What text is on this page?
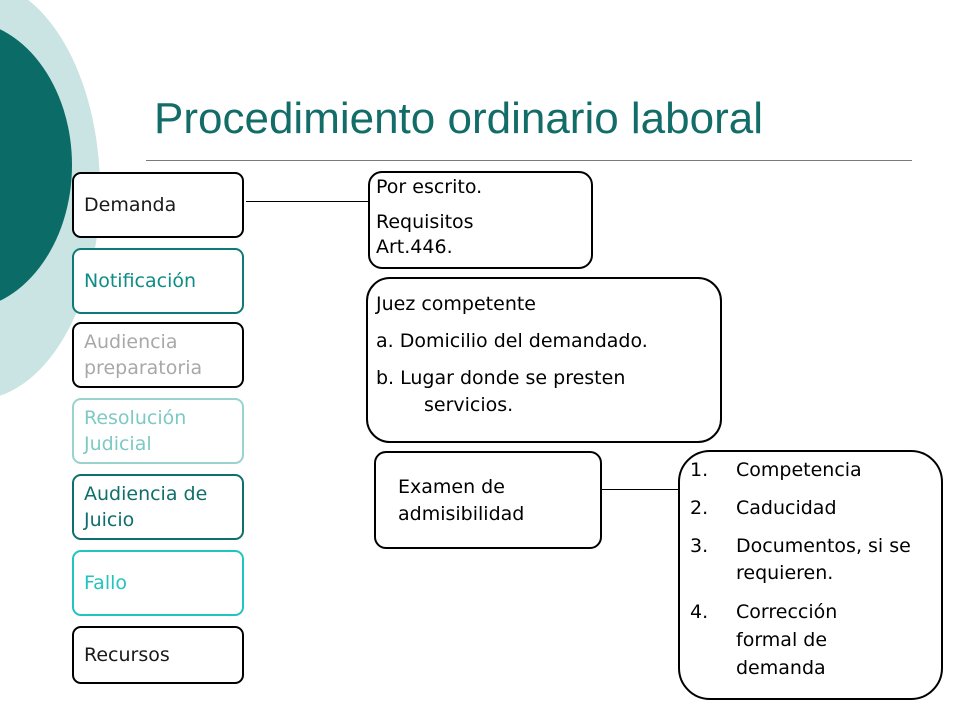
Procedimiento ordinario laboral
Demanda
Notificación
Audiencia preparatoria
Resolución Judicial
Audiencia de Juicio
Fallo
Recursos

Por escrito.

Requisitos Art.446.

Juez competente

a. Domicilio del demandado.

b. Lugar donde se presten servicios.

Examen de admisibilidad

1.	Competencia
2.	Caducidad
3.	Documentos, si se requieren.
4.	Corrección formal de demanda
